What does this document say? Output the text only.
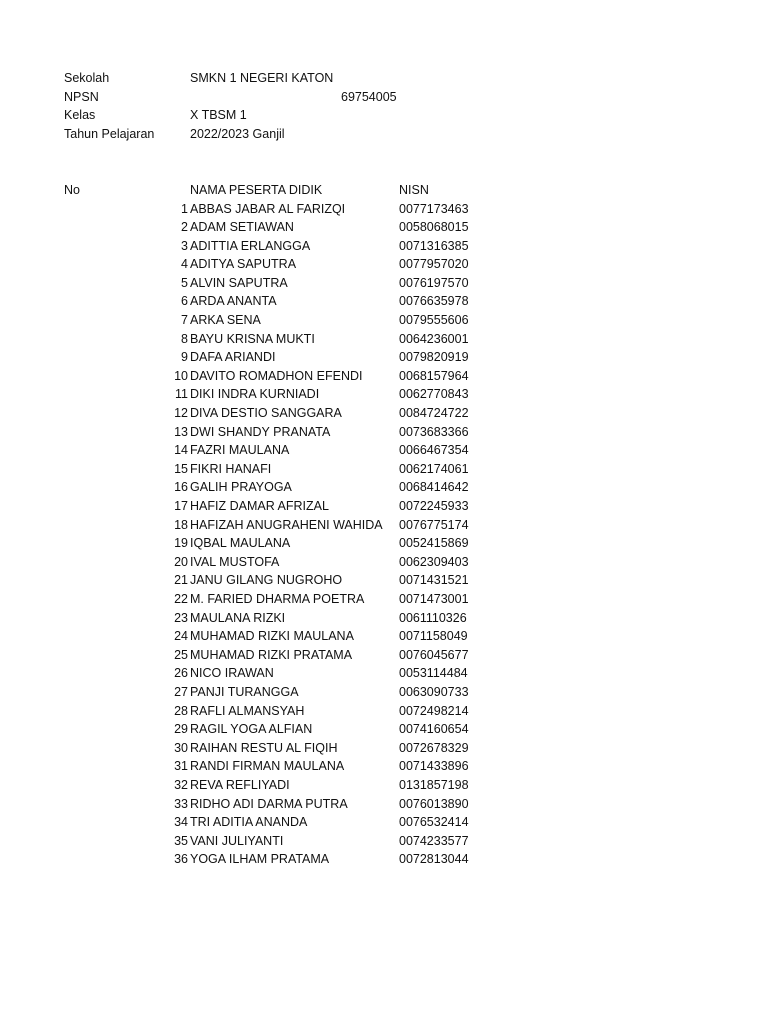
Sekolah	SMKN 1 NEGERI KATON
NPSN	69754005
Kelas	X TBSM 1
Tahun Pelajaran	2022/2023 Ganjil
No	NAMA PESERTA DIDIK	NISN
1 ABBAS JABAR AL FARIZQI	0077173463
2 ADAM SETIAWAN	0058068015
3 ADITTIA ERLANGGA	0071316385
4 ADITYA SAPUTRA	0077957020
5 ALVIN SAPUTRA	0076197570
6 ARDA ANANTA	0076635978
7 ARKA SENA	0079555606
8 BAYU KRISNA MUKTI	0064236001
9 DAFA ARIANDI	0079820919
10 DAVITO ROMADHON EFENDI	0068157964
11 DIKI INDRA KURNIADI	0062770843
12 DIVA DESTIO SANGGARA	0084724722
13 DWI SHANDY PRANATA	0073683366
14 FAZRI MAULANA	0066467354
15 FIKRI HANAFI	0062174061
16 GALIH PRAYOGA	0068414642
17 HAFIZ DAMAR AFRIZAL	0072245933
18 HAFIZAH ANUGRAHENI WAHIDA 0076775174
19 IQBAL MAULANA	0052415869
20 IVAL MUSTOFA	0062309403
21 JANU GILANG NUGROHO	0071431521
22 M. FARIED DHARMA POETRA	0071473001
23 MAULANA RIZKI	0061110326
24 MUHAMAD RIZKI MAULANA	0071158049
25 MUHAMAD RIZKI PRATAMA	0076045677
26 NICO IRAWAN	0053114484
27 PANJI TURANGGA	0063090733
28 RAFLI ALMANSYAH	0072498214
29 RAGIL YOGA ALFIAN	0074160654
30 RAIHAN RESTU AL FIQIH	0072678329
31 RANDI FIRMAN MAULANA	0071433896
32 REVA REFLIYADI	0131857198
33 RIDHO ADI DARMA PUTRA	0076013890
34 TRI ADITIA ANANDA	0076532414
35 VANI JULIYANTI	0074233577
36 YOGA ILHAM PRATAMA	0072813044
